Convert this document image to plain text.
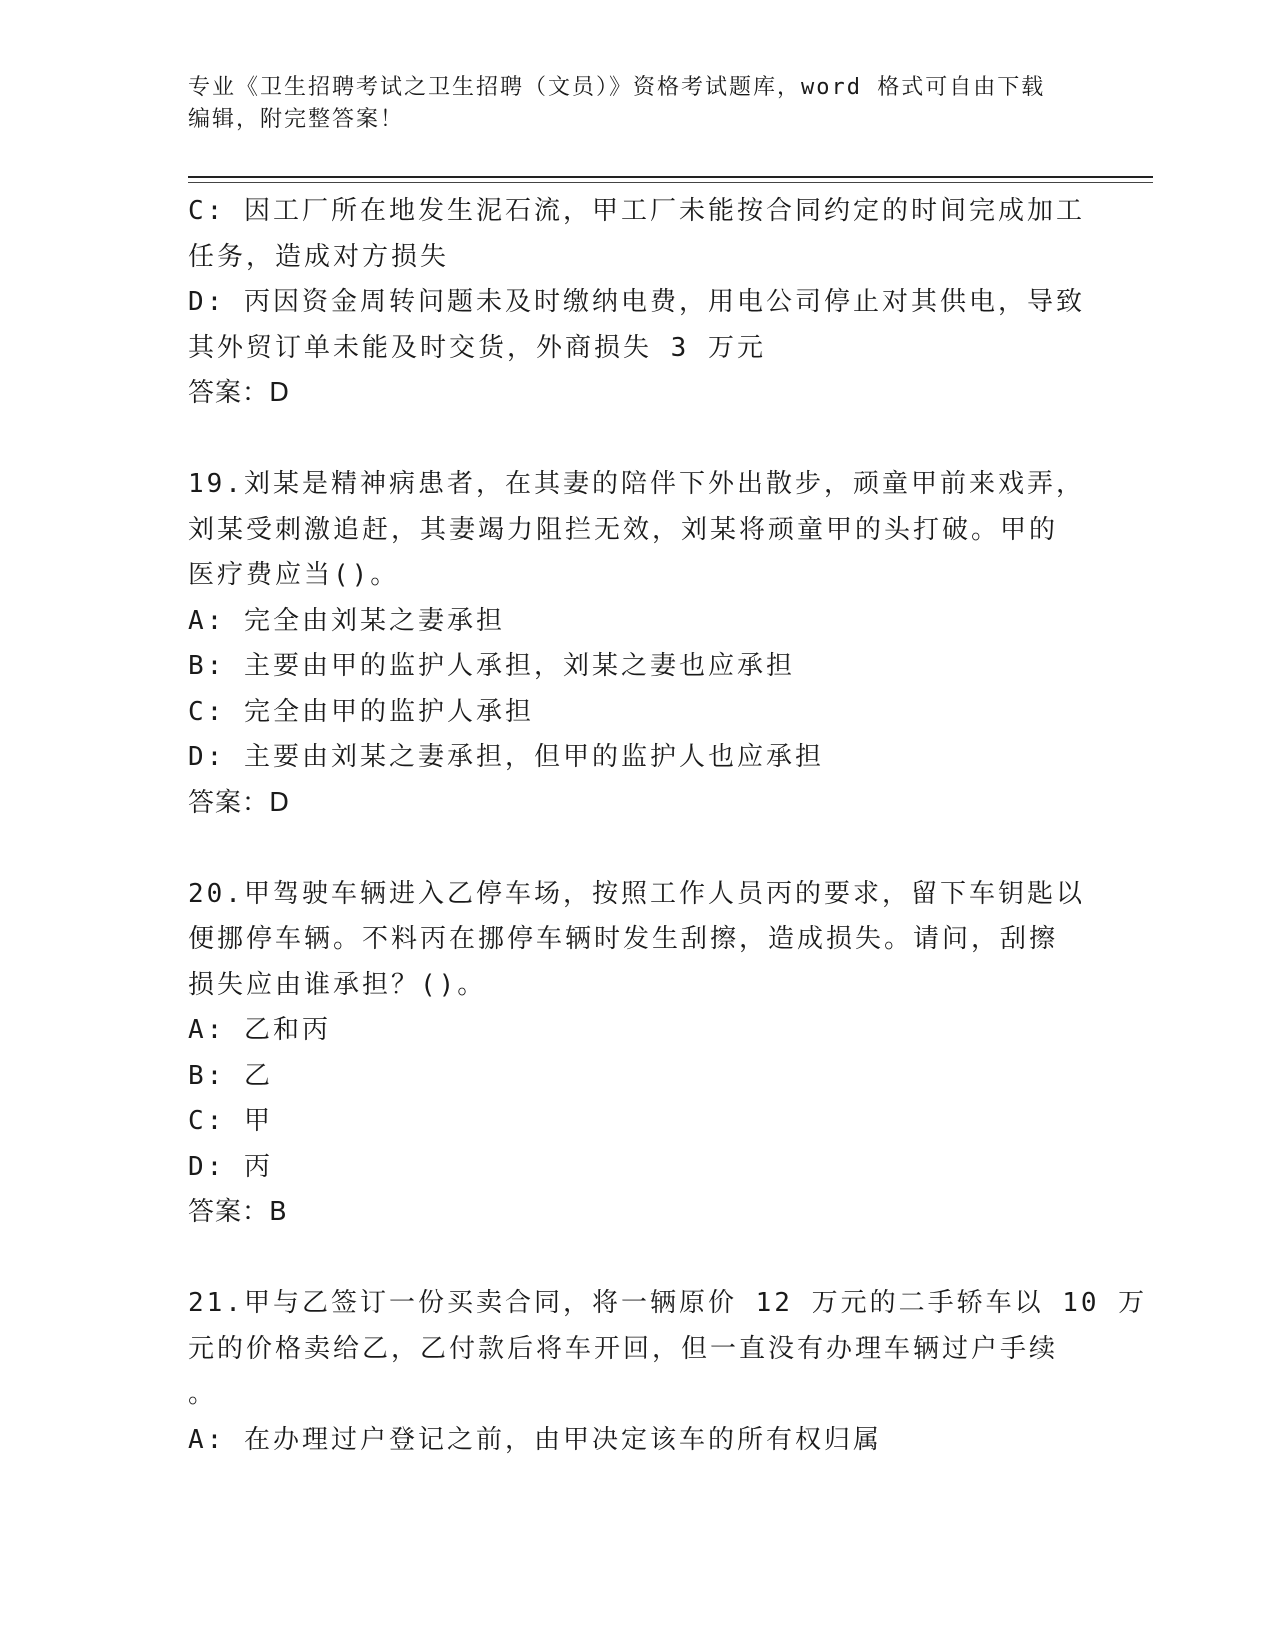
专业《卫生招聘考试之卫生招聘（文员）》资格考试题库，word 格式可自由下载
编辑，附完整答案！
C: 因工厂所在地发生泥石流，甲工厂未能按合同约定的时间完成加工
任务，造成对方损失
D: 丙因资金周转问题未及时缴纳电费，用电公司停止对其供电，导致
其外贸订单未能及时交货，外商损失 3 万元
答案：D
19.刘某是精神病患者，在其妻的陪伴下外出散步，顽童甲前来戏弄，
刘某受刺激追赶，其妻竭力阻拦无效，刘某将顽童甲的头打破。甲的
医疗费应当()。
A: 完全由刘某之妻承担
B: 主要由甲的监护人承担，刘某之妻也应承担
C: 完全由甲的监护人承担
D: 主要由刘某之妻承担，但甲的监护人也应承担
答案：D
20.甲驾驶车辆进入乙停车场，按照工作人员丙的要求，留下车钥匙以
便挪停车辆。不料丙在挪停车辆时发生刮擦，造成损失。请问，刮擦
损失应由谁承担？()。
A: 乙和丙
B: 乙
C: 甲
D: 丙
答案：B
21.甲与乙签订一份买卖合同，将一辆原价 12 万元的二手轿车以 10 万
元的价格卖给乙，乙付款后将车开回，但一直没有办理车辆过户手续
。
A: 在办理过户登记之前，由甲决定该车的所有权归属
